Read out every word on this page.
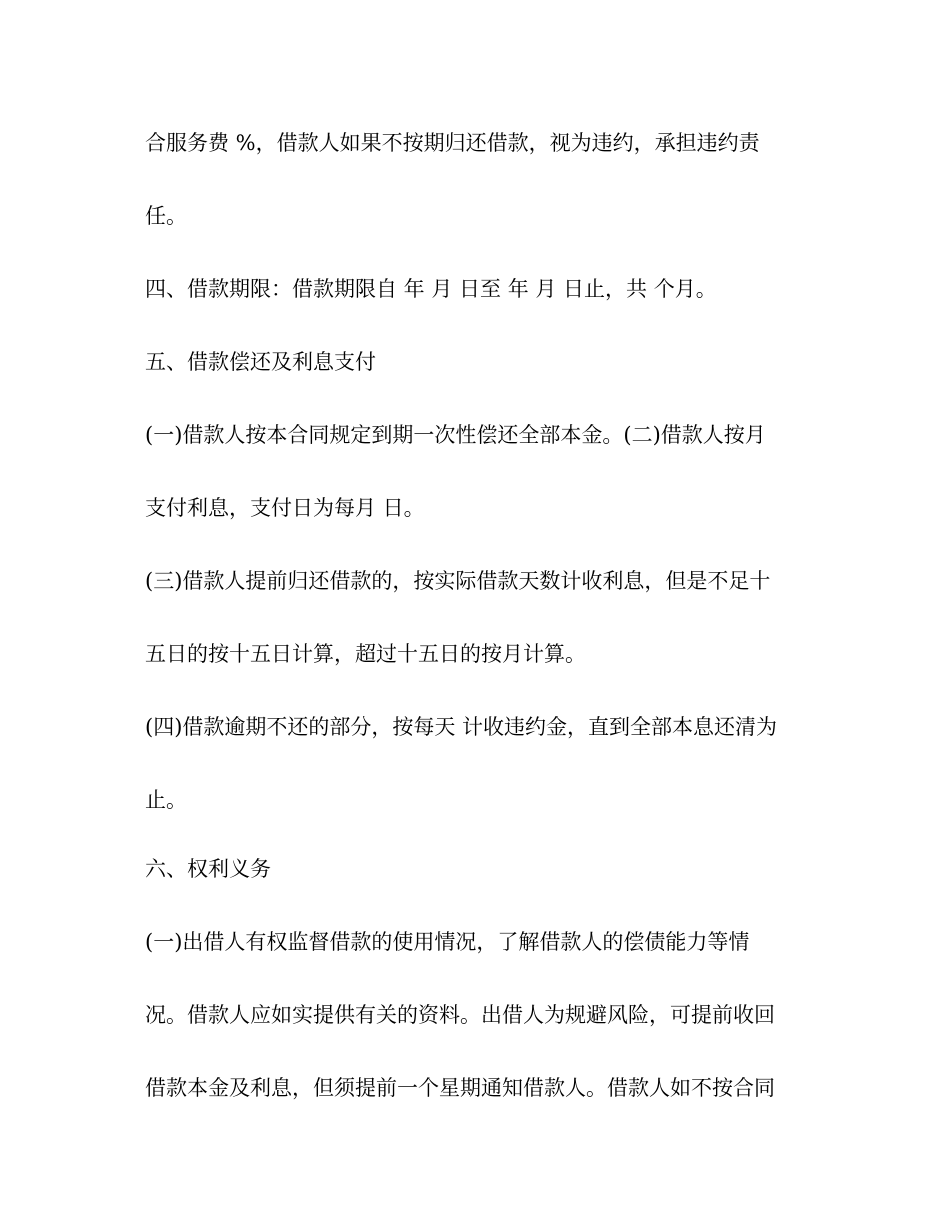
合服务费 %，借款人如果不按期归还借款，视为违约，承担违约责
任。
四、借款期限：借款期限自 年 月 日至 年 月 日止，共 个月。
五、借款偿还及利息支付
(一)借款人按本合同规定到期一次性偿还全部本金。(二)借款人按月
支付利息，支付日为每月 日。
(三)借款人提前归还借款的，按实际借款天数计收利息，但是不足十
五日的按十五日计算，超过十五日的按月计算。
(四)借款逾期不还的部分，按每天 计收违约金，直到全部本息还清为
止。
六、权利义务
(一)出借人有权监督借款的使用情况，了解借款人的偿债能力等情
况。借款人应如实提供有关的资料。出借人为规避风险，可提前收回
借款本金及利息，但须提前一个星期通知借款人。借款人如不按合同
